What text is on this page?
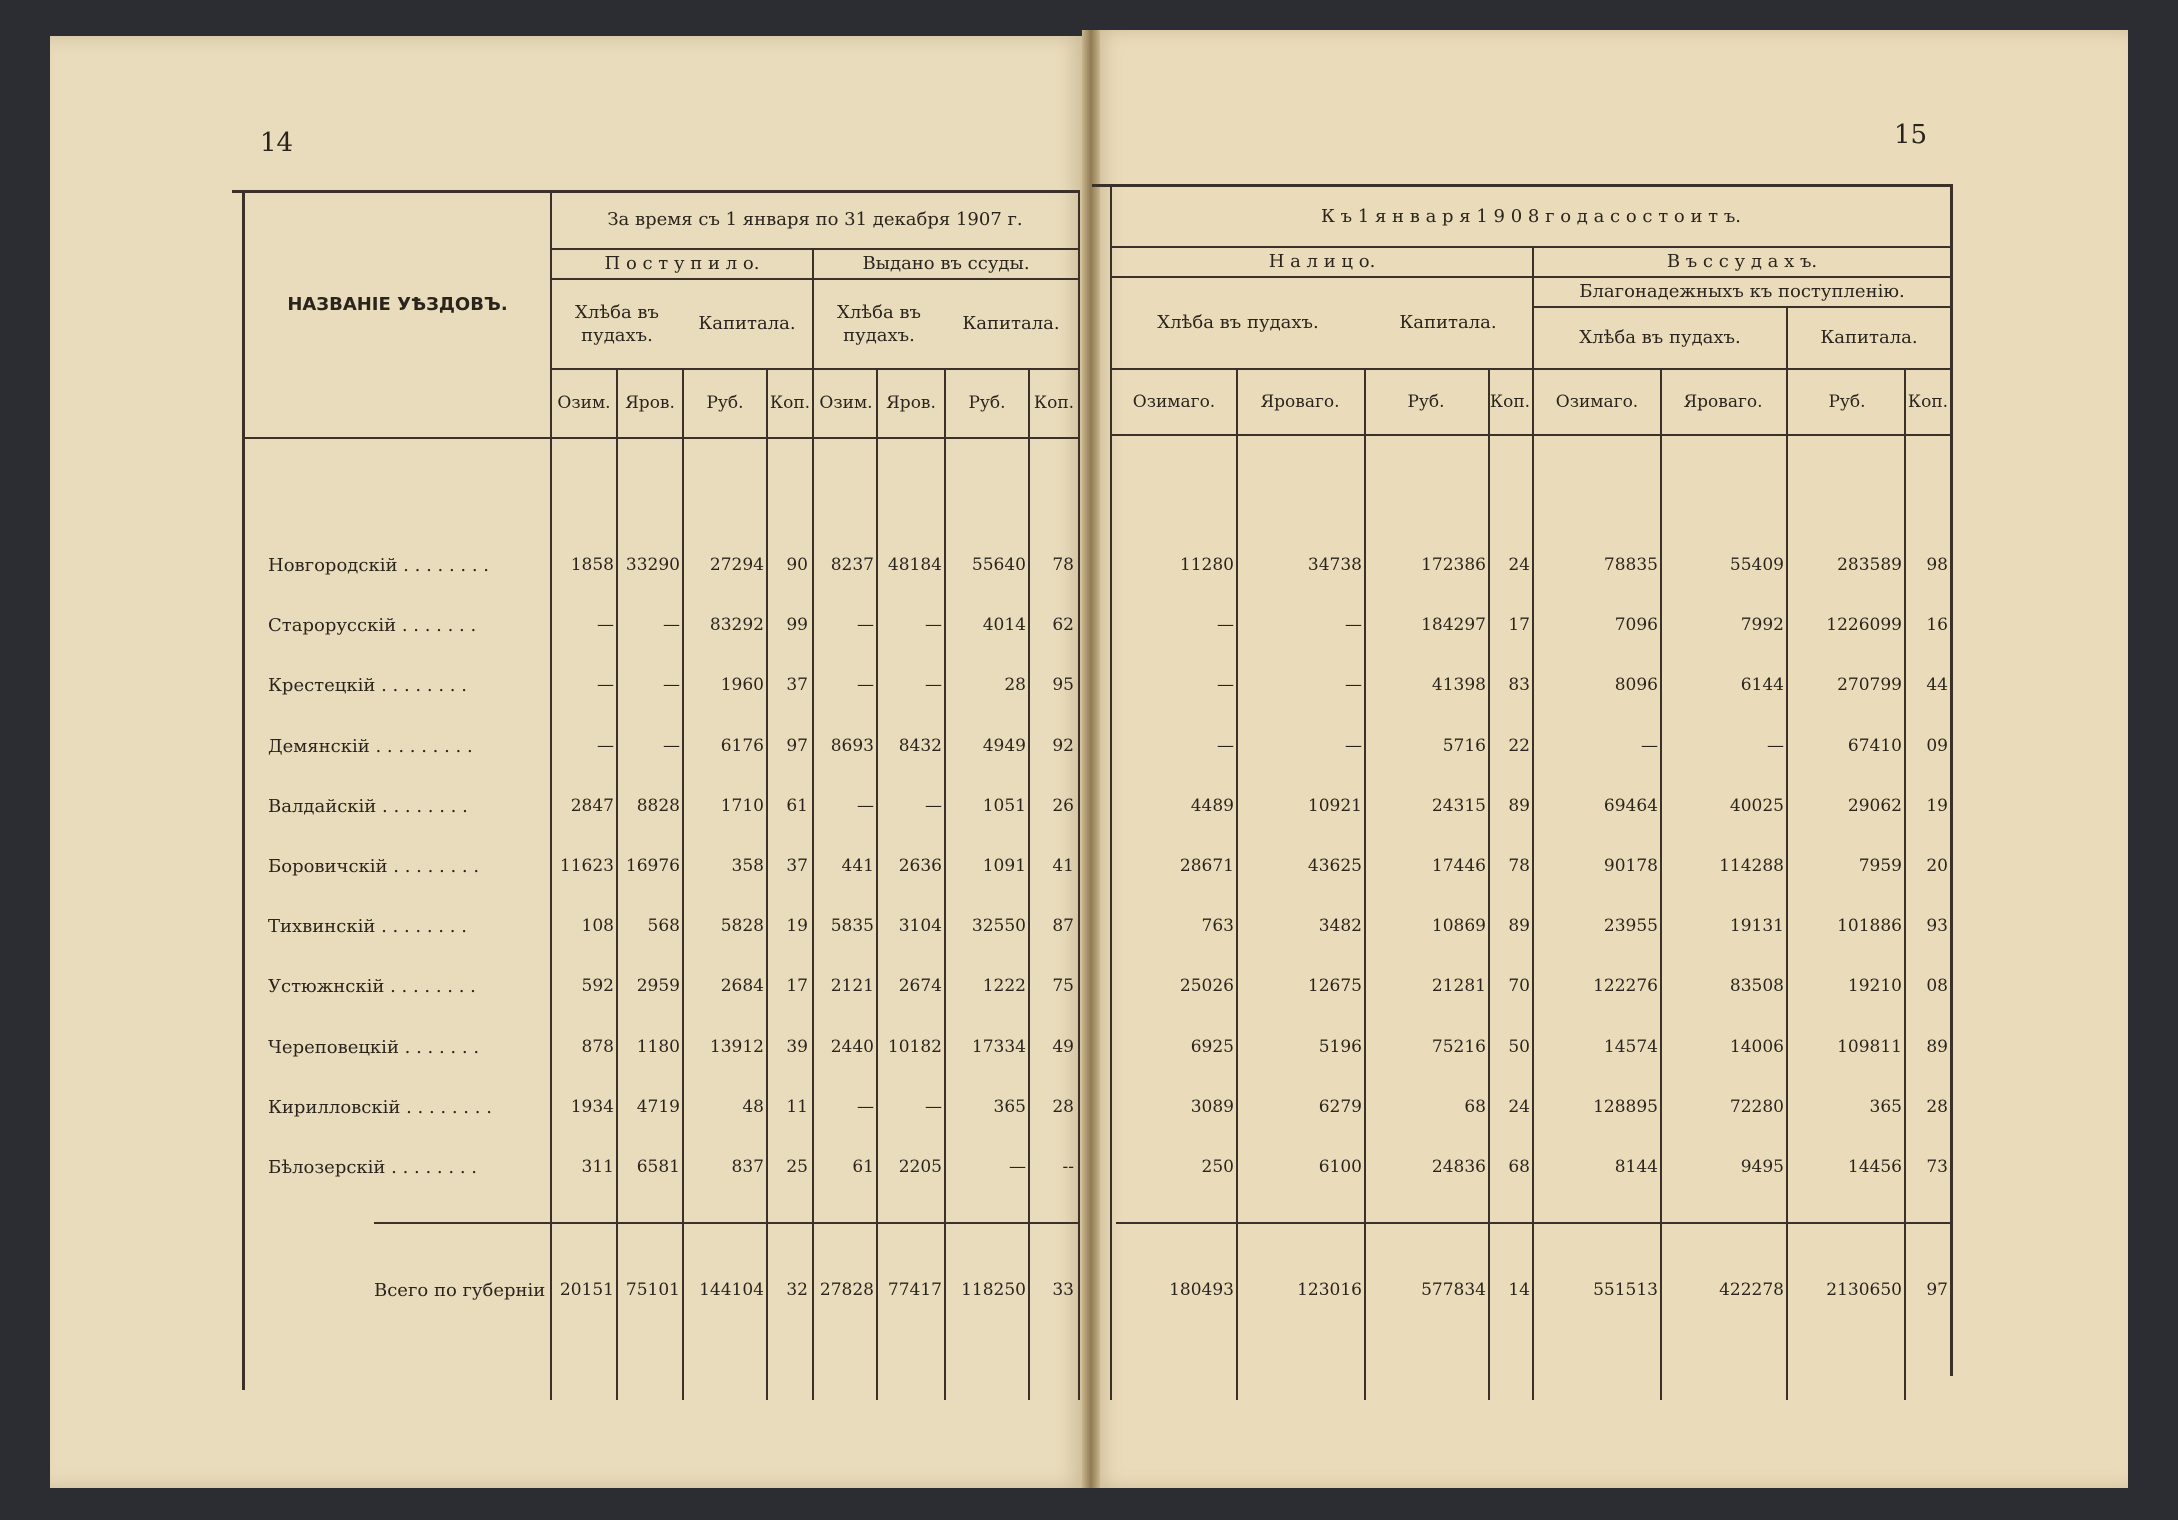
14	15
НАЗВАНІЕ УѢЗДОВЪ.
За время съ 1 января по 31 декабря 1907 г.
П о с т у п и л о.	Выдано въ ссуды.
Хлѣба въ
пудахъ.
Капитала.
Хлѣба въ
пудахъ.
Капитала.
Озим. Яров.	Руб.	Коп. Озим. Яров.	Руб.	Коп.
К ъ 1 я н в а р я 1 9 0 8 г о д а с о с т о и т ъ.
Н а л и ц о.	В ъ с с у д а х ъ.
Благонадежныхъ къ поступленію.
Хлѣба въ пудахъ.	Капитала.
Хлѣба въ пудахъ.	Капитала.
Озимаго.	Яроваго.	Руб.	Коп.	Озимаго.	Яроваго.	Руб.	Коп.
Новгородскій . . . . . . . .	1858 33290	27294	90	8237 48184	55640	78	11280	34738	172386	24	78835	55409	283589	98
Старорусскій . . . . . . .	—	—	83292	99	—	—	4014	62	—	—	184297	17	7096	7992	1226099	16
Крестецкій . . . . . . . .	—	—	1960	37	—	—	28	95	—	—	41398	83	8096	6144	270799	44
Демянскій . . . . . . . . .	—	—	6176	97	8693	8432	4949	92	—	—	5716	22	—	—	67410	09
Валдайскій . . . . . . . .	2847	8828	1710	61	—	—	1051	26	4489	10921	24315	89	69464	40025	29062	19
Боровичскій . . . . . . . .	11623 16976	358	37	441	2636	1091	41	28671	43625	17446	78	90178	114288	7959	20
Тихвинскій . . . . . . . .	108	568	5828	19	5835	3104	32550	87	763	3482	10869	89	23955	19131	101886	93
Устюжнскій . . . . . . . .	592	2959	2684	17	2121	2674	1222	75	25026	12675	21281	70	122276	83508	19210	08
Череповецкій . . . . . . .	878	1180	13912	39	2440 10182	17334	49	6925	5196	75216	50	14574	14006	109811	89
Кирилловскій . . . . . . . .	1934	4719	48	11	—	—	365	28	3089	6279	68	24	128895	72280	365	28
Бѣлозерскій . . . . . . . .	311	6581	837	25	61	2205	—	--	250	6100	24836	68	8144	9495	14456	73
Всего по губерніи 20151 75101	144104	32 27828 77417	118250	33	180493	123016	577834	14	551513	422278	2130650	97
